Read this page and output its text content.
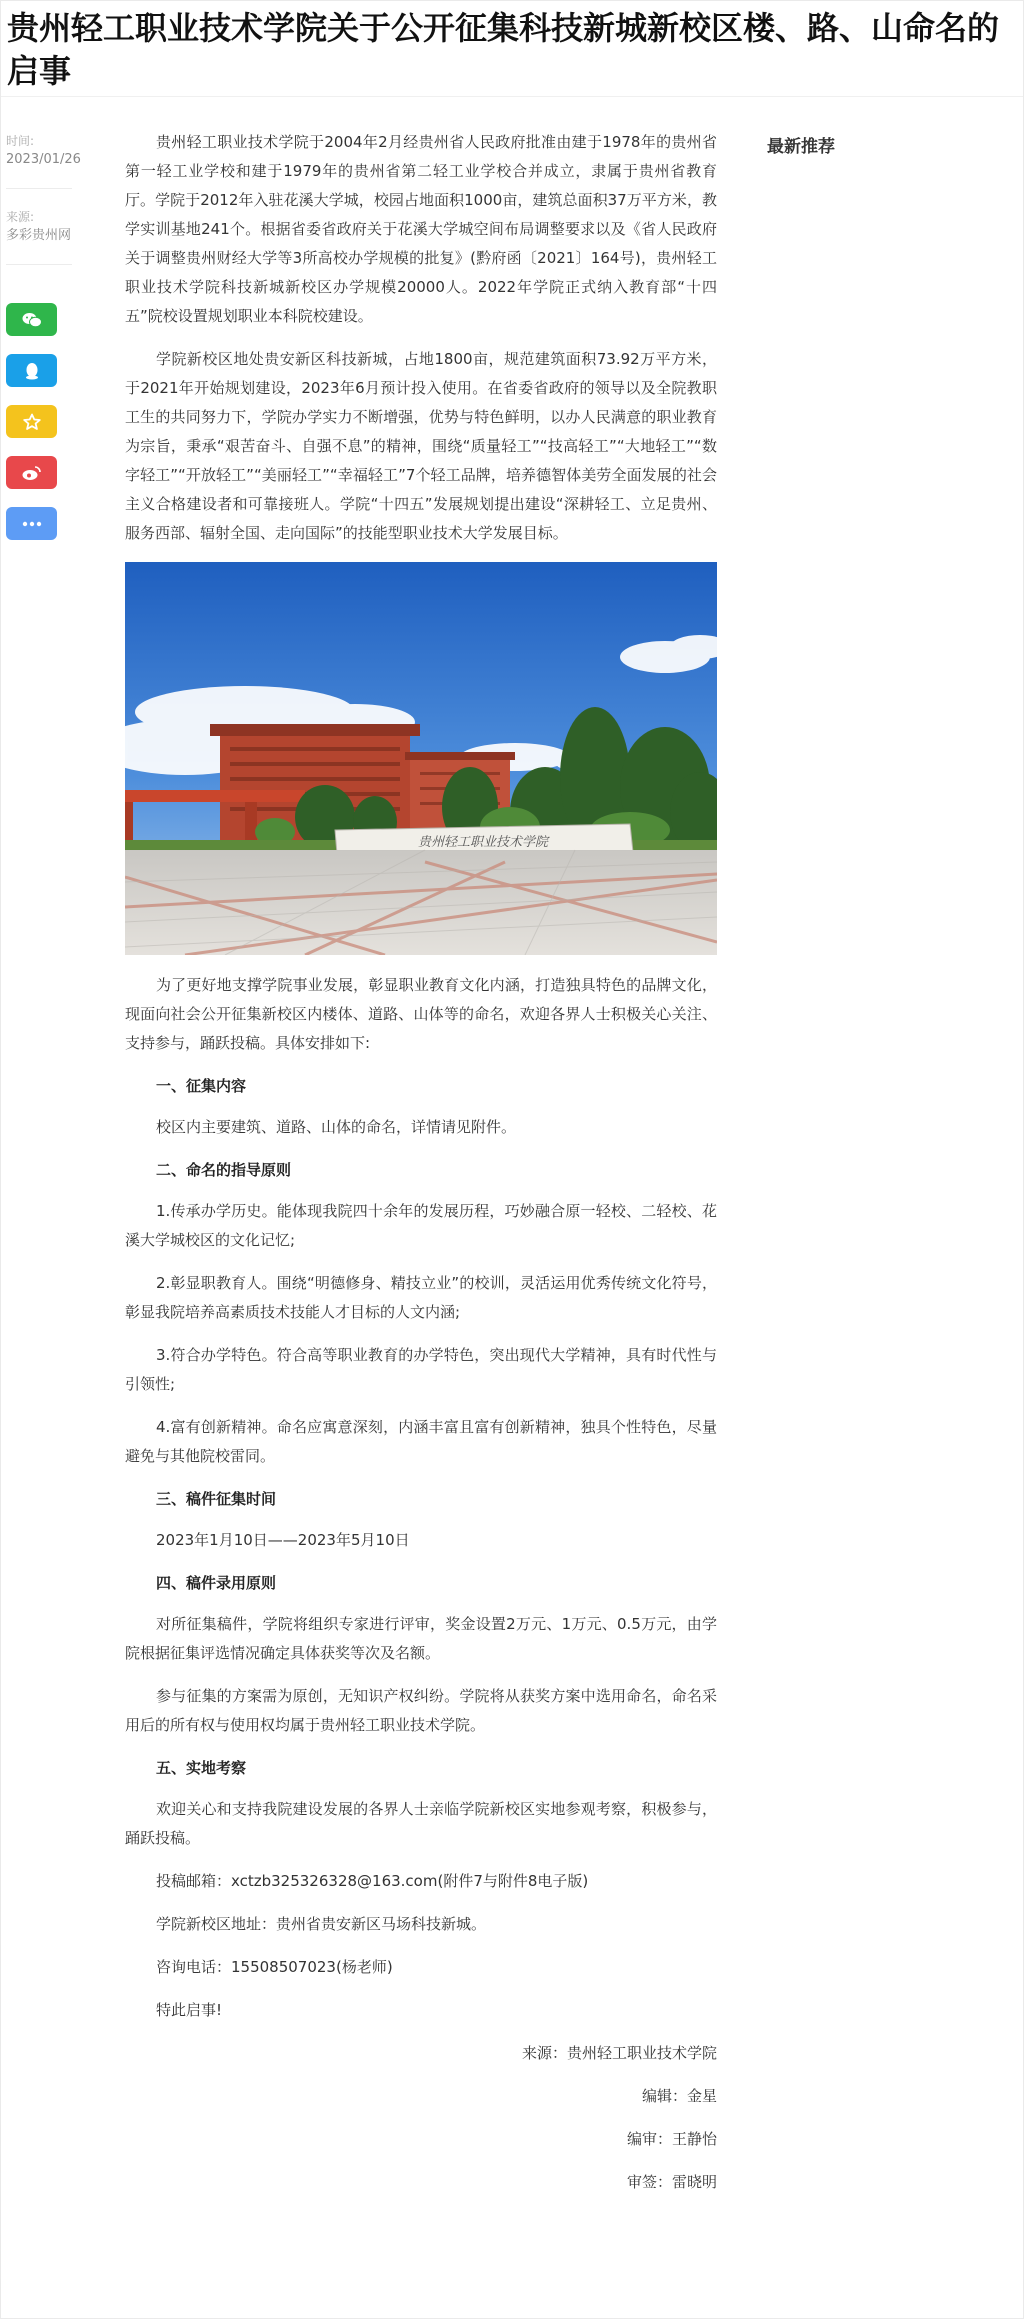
贵州轻工职业技术学院关于公开征集科技新城新校区楼、路、山命名的启事
时间:
2023/01/26
来源:
多彩贵州网

贵州轻工职业技术学院于2004年2月经贵州省人民政府批准由建于1978年的贵州省第一轻工业学校和建于1979年的贵州省第二轻工业学校合并成立，隶属于贵州省教育厅。学院于2012年入驻花溪大学城，校园占地面积1000亩，建筑总面积37万平方米，教学实训基地241个。根据省委省政府关于花溪大学城空间布局调整要求以及《省人民政府关于调整贵州财经大学等3所高校办学规模的批复》(黔府函〔2021〕164号)，贵州轻工职业技术学院科技新城新校区办学规模20000人。2022年学院正式纳入教育部“十四五”院校设置规划职业本科院校建设。

学院新校区地处贵安新区科技新城，占地1800亩，规范建筑面积73.92万平方米，于2021年开始规划建设，2023年6月预计投入使用。在省委省政府的领导以及全院教职工生的共同努力下，学院办学实力不断增强，优势与特色鲜明，以办人民满意的职业教育为宗旨，秉承“艰苦奋斗、自强不息”的精神，围绕“质量轻工”“技高轻工”“大地轻工”“数字轻工”“开放轻工”“美丽轻工”“幸福轻工”7个轻工品牌，培养德智体美劳全面发展的社会主义合格建设者和可靠接班人。学院“十四五”发展规划提出建设“深耕轻工、立足贵州、服务西部、辐射全国、走向国际”的技能型职业技术大学发展目标。

贵州轻工职业技术学院

为了更好地支撑学院事业发展，彰显职业教育文化内涵，打造独具特色的品牌文化，现面向社会公开征集新校区内楼体、道路、山体等的命名，欢迎各界人士积极关心关注、支持参与，踊跃投稿。具体安排如下:

一、征集内容

校区内主要建筑、道路、山体的命名，详情请见附件。

二、命名的指导原则

1.传承办学历史。能体现我院四十余年的发展历程，巧妙融合原一轻校、二轻校、花溪大学城校区的文化记忆;

2.彰显职教育人。围绕“明德修身、精技立业”的校训，灵活运用优秀传统文化符号，彰显我院培养高素质技术技能人才目标的人文内涵;

3.符合办学特色。符合高等职业教育的办学特色，突出现代大学精神，具有时代性与引领性;

4.富有创新精神。命名应寓意深刻，内涵丰富且富有创新精神，独具个性特色，尽量避免与其他院校雷同。

三、稿件征集时间

2023年1月10日——2023年5月10日

四、稿件录用原则

对所征集稿件，学院将组织专家进行评审，奖金设置2万元、1万元、0.5万元，由学院根据征集评选情况确定具体获奖等次及名额。

参与征集的方案需为原创，无知识产权纠纷。学院将从获奖方案中选用命名，命名采用后的所有权与使用权均属于贵州轻工职业技术学院。

五、实地考察

欢迎关心和支持我院建设发展的各界人士亲临学院新校区实地参观考察，积极参与，踊跃投稿。

投稿邮箱：xctzb325326328@163.com(附件7与附件8电子版)

学院新校区地址：贵州省贵安新区马场科技新城。

咨询电话：15508507023(杨老师)

特此启事!

来源：贵州轻工职业技术学院

编辑：金星

编审：王静怡

审签：雷晓明

最新推荐
